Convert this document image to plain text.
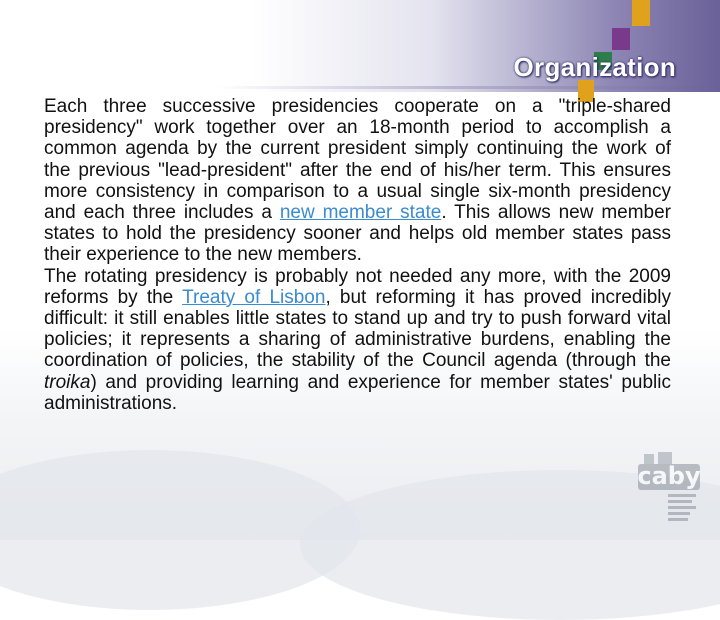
Organization

Each three successive presidencies cooperate on a "triple-shared presidency" work together over an 18-month period to accomplish a common agenda by the current president simply continuing the work of the previous "lead-president" after the end of his/her term. This ensures more consistency in comparison to a usual single six-month presidency and each three includes a new member state. This allows new member states to hold the presidency sooner and helps old member states pass their experience to the new members.

The rotating presidency is probably not needed any more, with the 2009 reforms by the Treaty of Lisbon, but reforming it has proved incredibly difficult: it still enables little states to stand up and try to push forward vital policies; it represents a sharing of administrative burdens, enabling the coordination of policies, the stability of the Council agenda (through the troika) and providing learning and experience for member states' public administrations.

caby
